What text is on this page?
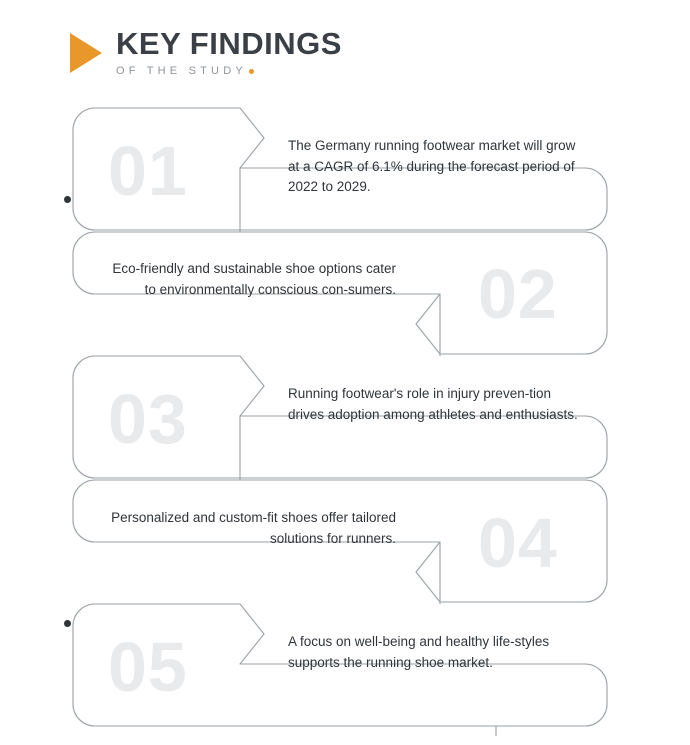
KEY FINDINGS
OF THE STUDY
01	The Germany running footwear market will grow at a CAGR of 6.1% during the forecast period of 2022 to 2029.
02
Eco-friendly and sustainable shoe options cater to environmentally conscious con-sumers.
03	Running footwear's role in injury preven-tion drives adoption among athletes and enthusiasts.
04
Personalized and custom-fit shoes offer tailored solutions for runners.
05	A focus on well-being and healthy life-styles supports the running shoe market.
